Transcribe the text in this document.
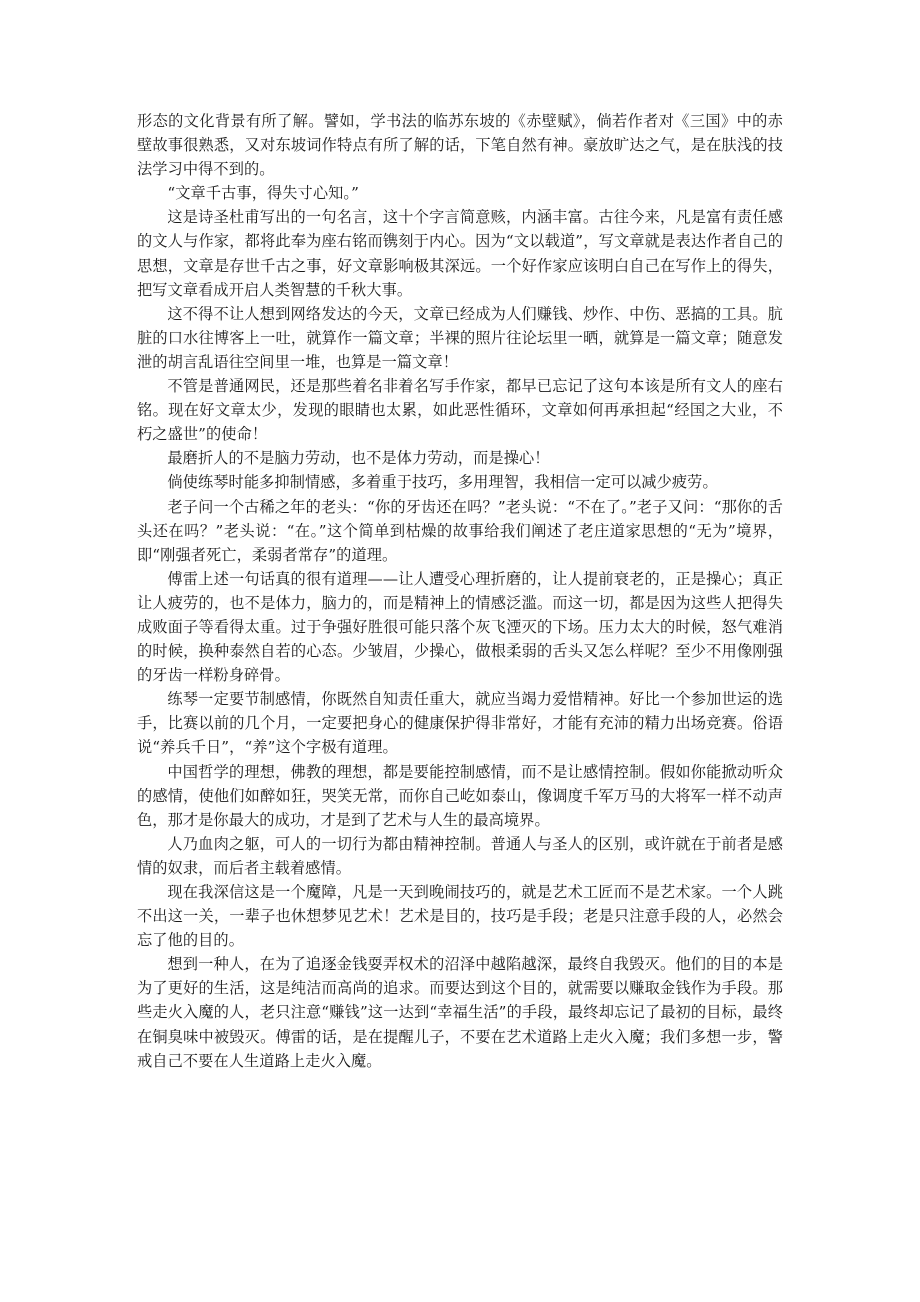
形态的文化背景有所了解。譬如，学书法的临苏东坡的《赤壁赋》，倘若作者对《三国》中的赤壁故事很熟悉，又对东坡词作特点有所了解的话，下笔自然有神。豪放旷达之气，是在肤浅的技法学习中得不到的。

“文章千古事，得失寸心知。”

这是诗圣杜甫写出的一句名言，这十个字言简意赅，内涵丰富。古往今来，凡是富有责任感的文人与作家，都将此奉为座右铭而镌刻于内心。因为“文以载道”，写文章就是表达作者自己的思想，文章是存世千古之事，好文章影响极其深远。一个好作家应该明白自己在写作上的得失，把写文章看成开启人类智慧的千秋大事。

这不得不让人想到网络发达的今天，文章已经成为人们赚钱、炒作、中伤、恶搞的工具。肮脏的口水往博客上一吐，就算作一篇文章；半裸的照片往论坛里一晒，就算是一篇文章；随意发泄的胡言乱语往空间里一堆，也算是一篇文章！

不管是普通网民，还是那些着名非着名写手作家，都早已忘记了这句本该是所有文人的座右铭。现在好文章太少，发现的眼睛也太累，如此恶性循环，文章如何再承担起“经国之大业，不朽之盛世”的使命！

最磨折人的不是脑力劳动，也不是体力劳动，而是操心！

倘使练琴时能多抑制情感，多着重于技巧，多用理智，我相信一定可以减少疲劳。

老子问一个古稀之年的老头：“你的牙齿还在吗？”老头说：“不在了。”老子又问：“那你的舌头还在吗？”老头说：“在。”这个简单到枯燥的故事给我们阐述了老庄道家思想的“无为”境界，即“刚强者死亡，柔弱者常存”的道理。

傅雷上述一句话真的很有道理——让人遭受心理折磨的，让人提前衰老的，正是操心；真正让人疲劳的，也不是体力，脑力的，而是精神上的情感泛滥。而这一切，都是因为这些人把得失成败面子等看得太重。过于争强好胜很可能只落个灰飞湮灭的下场。压力太大的时候，怒气难消的时候，换种泰然自若的心态。少皱眉，少操心，做根柔弱的舌头又怎么样呢？至少不用像刚强的牙齿一样粉身碎骨。

练琴一定要节制感情，你既然自知责任重大，就应当竭力爱惜精神。好比一个参加世运的选手，比赛以前的几个月，一定要把身心的健康保护得非常好，才能有充沛的精力出场竞赛。俗语说“养兵千日”，“养”这个字极有道理。

中国哲学的理想，佛教的理想，都是要能控制感情，而不是让感情控制。假如你能掀动听众的感情，使他们如醉如狂，哭笑无常，而你自己屹如泰山，像调度千军万马的大将军一样不动声色，那才是你最大的成功，才是到了艺术与人生的最高境界。

人乃血肉之躯，可人的一切行为都由精神控制。普通人与圣人的区别，或许就在于前者是感情的奴隶，而后者主载着感情。

现在我深信这是一个魔障，凡是一天到晚闹技巧的，就是艺术工匠而不是艺术家。一个人跳不出这一关，一辈子也休想梦见艺术！艺术是目的，技巧是手段；老是只注意手段的人，必然会忘了他的目的。

想到一种人，在为了追逐金钱耍弄权术的沼泽中越陷越深，最终自我毁灭。他们的目的本是为了更好的生活，这是纯洁而高尚的追求。而要达到这个目的，就需要以赚取金钱作为手段。那些走火入魔的人，老只注意“赚钱”这一达到“幸福生活”的手段，最终却忘记了最初的目标，最终在铜臭味中被毁灭。傅雷的话，是在提醒儿子，不要在艺术道路上走火入魔；我们多想一步，警戒自己不要在人生道路上走火入魔。
